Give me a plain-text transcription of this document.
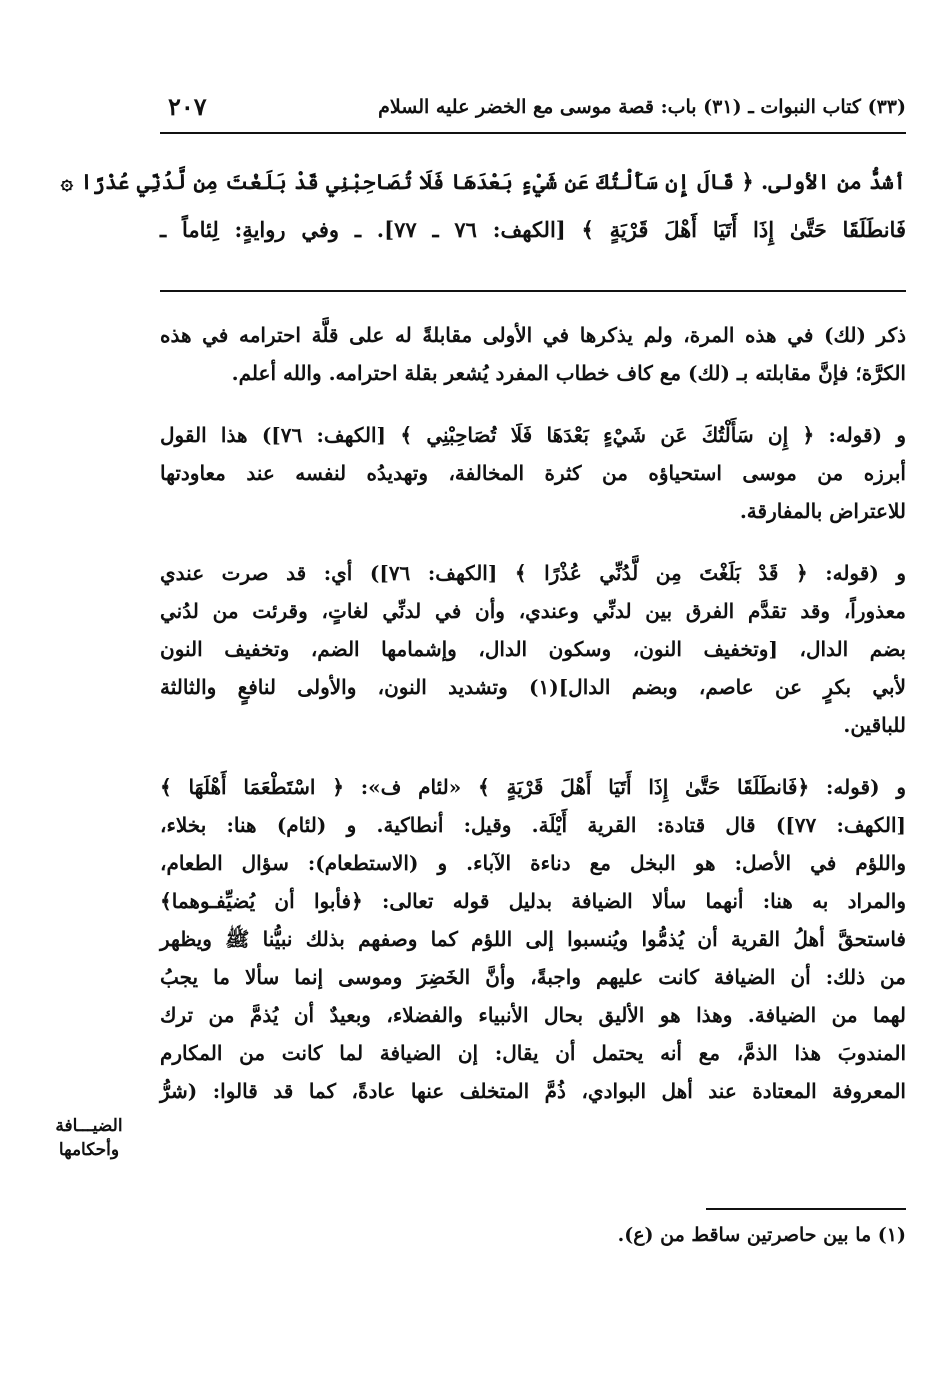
(٣٣) كتاب النبوات ـ (٣١) باب: قصة موسى مع الخضر عليه السلام
٢٠٧
أشدُّ من الأولى. ﴿ قَالَ إِن سَأَلْتُكَ عَن شَيْءٍ بَعْدَهَا فَلَا تُصَاحِبْنِي قَدْ بَلَغْتَ مِن لَّدُنِّي عُذْرًا ۞
فَانطَلَقَا حَتَّىٰ إِذَا أَتَيَا أَهْلَ قَرْيَةٍ ﴾ [الكهف: ٧٦ ـ ٧٧]. ـ وفي روايةٍ: لِئاماً ـ
ذكر (لك) في هذه المرة، ولم يذكرها في الأولى مقابلةً له على قلَّة احترامه في هذه
الكرَّة؛ فإنَّ مقابلته بـ (لك) مع كاف خطاب المفرد يُشعر بقلة احترامه. والله أعلم.
و (قوله: ﴿ إِن سَأَلْتُكَ عَن شَيْءٍ بَعْدَهَا فَلَا تُصَاحِبْنِي ﴾ [الكهف: ٧٦]) هذا القول
أبرزه من موسى استحياؤه من كثرة المخالفة، وتهديدُه لنفسه عند معاودتها
للاعتراض بالمفارقة.
و (قوله: ﴿ قَدْ بَلَغْتَ مِن لَّدُنِّي عُذْرًا ﴾ [الكهف: ٧٦]) أي: قد صرت عندي
معذوراً، وقد تقدَّم الفرق بين لدنِّي وعندي، وأن في لدنِّي لغاتٍ، وقرئت من لدُني
بضم الدال، [وتخفيف النون، وسكون الدال، وإشمامها الضم، وتخفيف النون
لأبي بكرٍ عن عاصم، وبضم الدال](١) وتشديد النون، والأولى لنافعٍ والثالثة
للباقين.
و (قوله: ﴿فَانطَلَقَا حَتَّىٰ إِذَا أَتَيَا أَهْلَ قَرْيَةٍ ﴾ «لئام ف»: ﴿ اسْتَطْعَمَا أَهْلَهَا ﴾
[الكهف: ٧٧]) قال قتادة: القرية أَيْلَة. وقيل: أنطاكية. و (لئام) هنا: بخلاء،
واللؤم في الأصل: هو البخل مع دناءة الآباء. و (الاستطعام): سؤال الطعام،
والمراد به هنا: أنهما سألا الضيافة بدليل قوله تعالى: ﴿فأبوا أن يُضيِّفـوهما﴾
فاستحقَّ أهلُ القرية أن يُذمُّوا ويُنسبوا إلى اللؤم كما وصفهم بذلك نبيُّنا ﷺ ويظهر
من ذلك: أن الضيافة كانت عليهم واجبةً، وأنَّ الخَضِرَ وموسى إنما سألا ما يجبُ
لهما من الضيافة. وهذا هو الأليق بحال الأنبياء والفضلاء، وبعيدٌ أن يُذمَّ من ترك
المندوبَ هذا الذمَّ، مع أنه يحتمل أن يقال: إن الضيافة لما كانت من المكارم
المعروفة المعتادة عند أهل البوادي، ذُمَّ المتخلف عنها عادةً، كما قد قالوا: (شرُّ
الضيـــافة وأحكامها
(١) ما بين حاصرتين ساقط من (ع).
